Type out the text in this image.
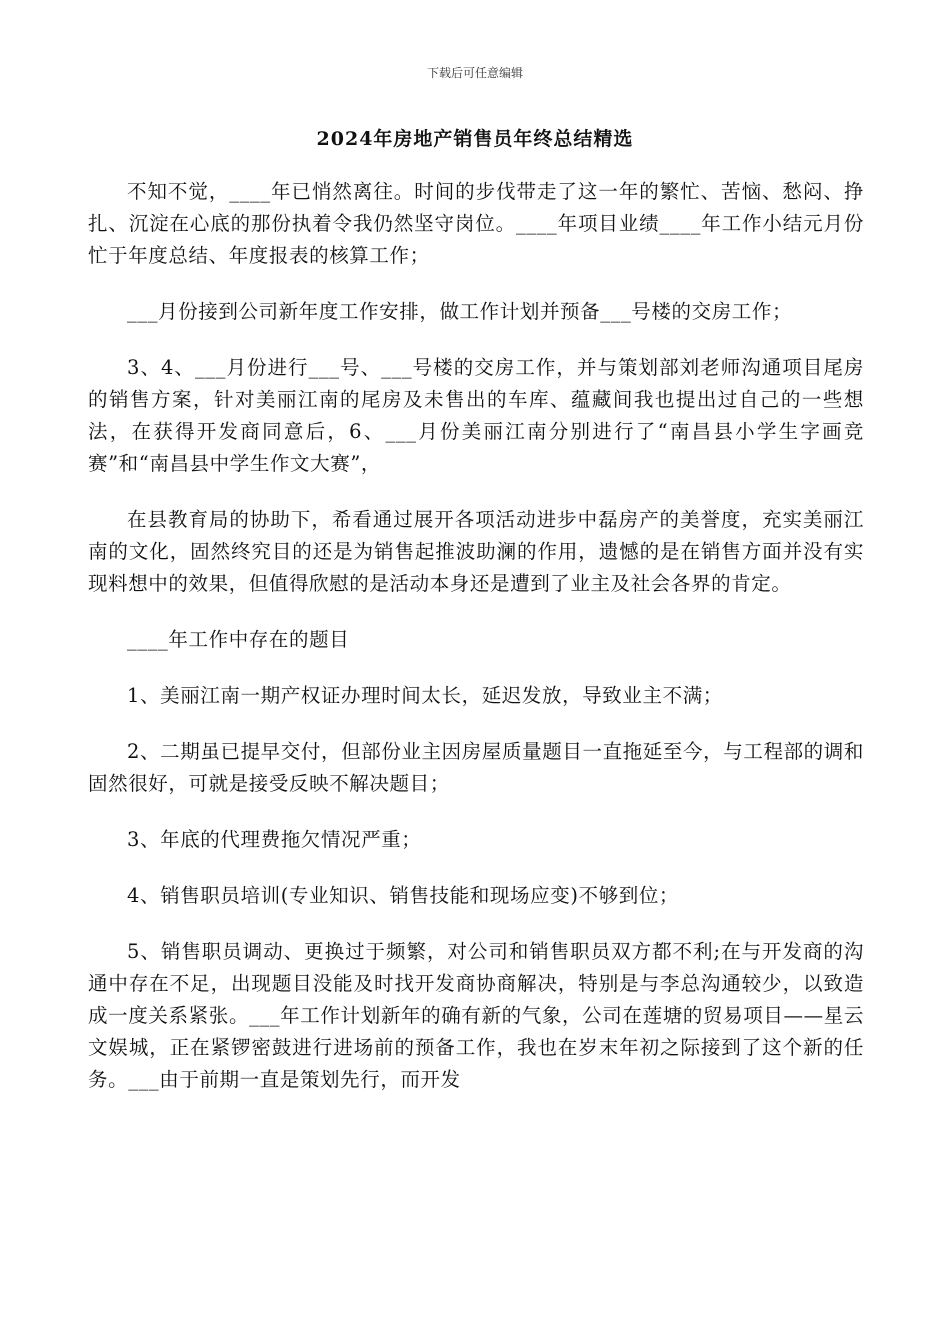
下载后可任意编辑
2024年房地产销售员年终总结精选

不知不觉，____年已悄然离往。时间的步伐带走了这一年的繁忙、苦恼、愁闷、挣扎、沉淀在心底的那份执着令我仍然坚守岗位。____年项目业绩____年工作小结元月份忙于年度总结、年度报表的核算工作；

___月份接到公司新年度工作安排，做工作计划并预备___号楼的交房工作；

3、4、___月份进行___号、___号楼的交房工作，并与策划部刘老师沟通项目尾房的销售方案，针对美丽江南的尾房及未售出的车库、蕴藏间我也提出过自己的一些想法，在获得开发商同意后，6、___月份美丽江南分别进行了“南昌县小学生字画竞赛”和“南昌县中学生作文大赛”，

在县教育局的协助下，希看通过展开各项活动进步中磊房产的美誉度，充实美丽江南的文化，固然终究目的还是为销售起推波助澜的作用，遗憾的是在销售方面并没有实现料想中的效果，但值得欣慰的是活动本身还是遭到了业主及社会各界的肯定。

____年工作中存在的题目

1、美丽江南一期产权证办理时间太长，延迟发放，导致业主不满；

2、二期虽已提早交付，但部份业主因房屋质量题目一直拖延至今，与工程部的调和固然很好，可就是接受反映不解决题目；

3、年底的代理费拖欠情况严重；

4、销售职员培训(专业知识、销售技能和现场应变)不够到位；

5、销售职员调动、更换过于频繁，对公司和销售职员双方都不利;在与开发商的沟通中存在不足，出现题目没能及时找开发商协商解决，特别是与李总沟通较少，以致造成一度关系紧张。___年工作计划新年的确有新的气象，公司在莲塘的贸易项目——星云文娱城，正在紧锣密鼓进行进场前的预备工作，我也在岁末年初之际接到了这个新的任务。___由于前期一直是策划先行，而开发
